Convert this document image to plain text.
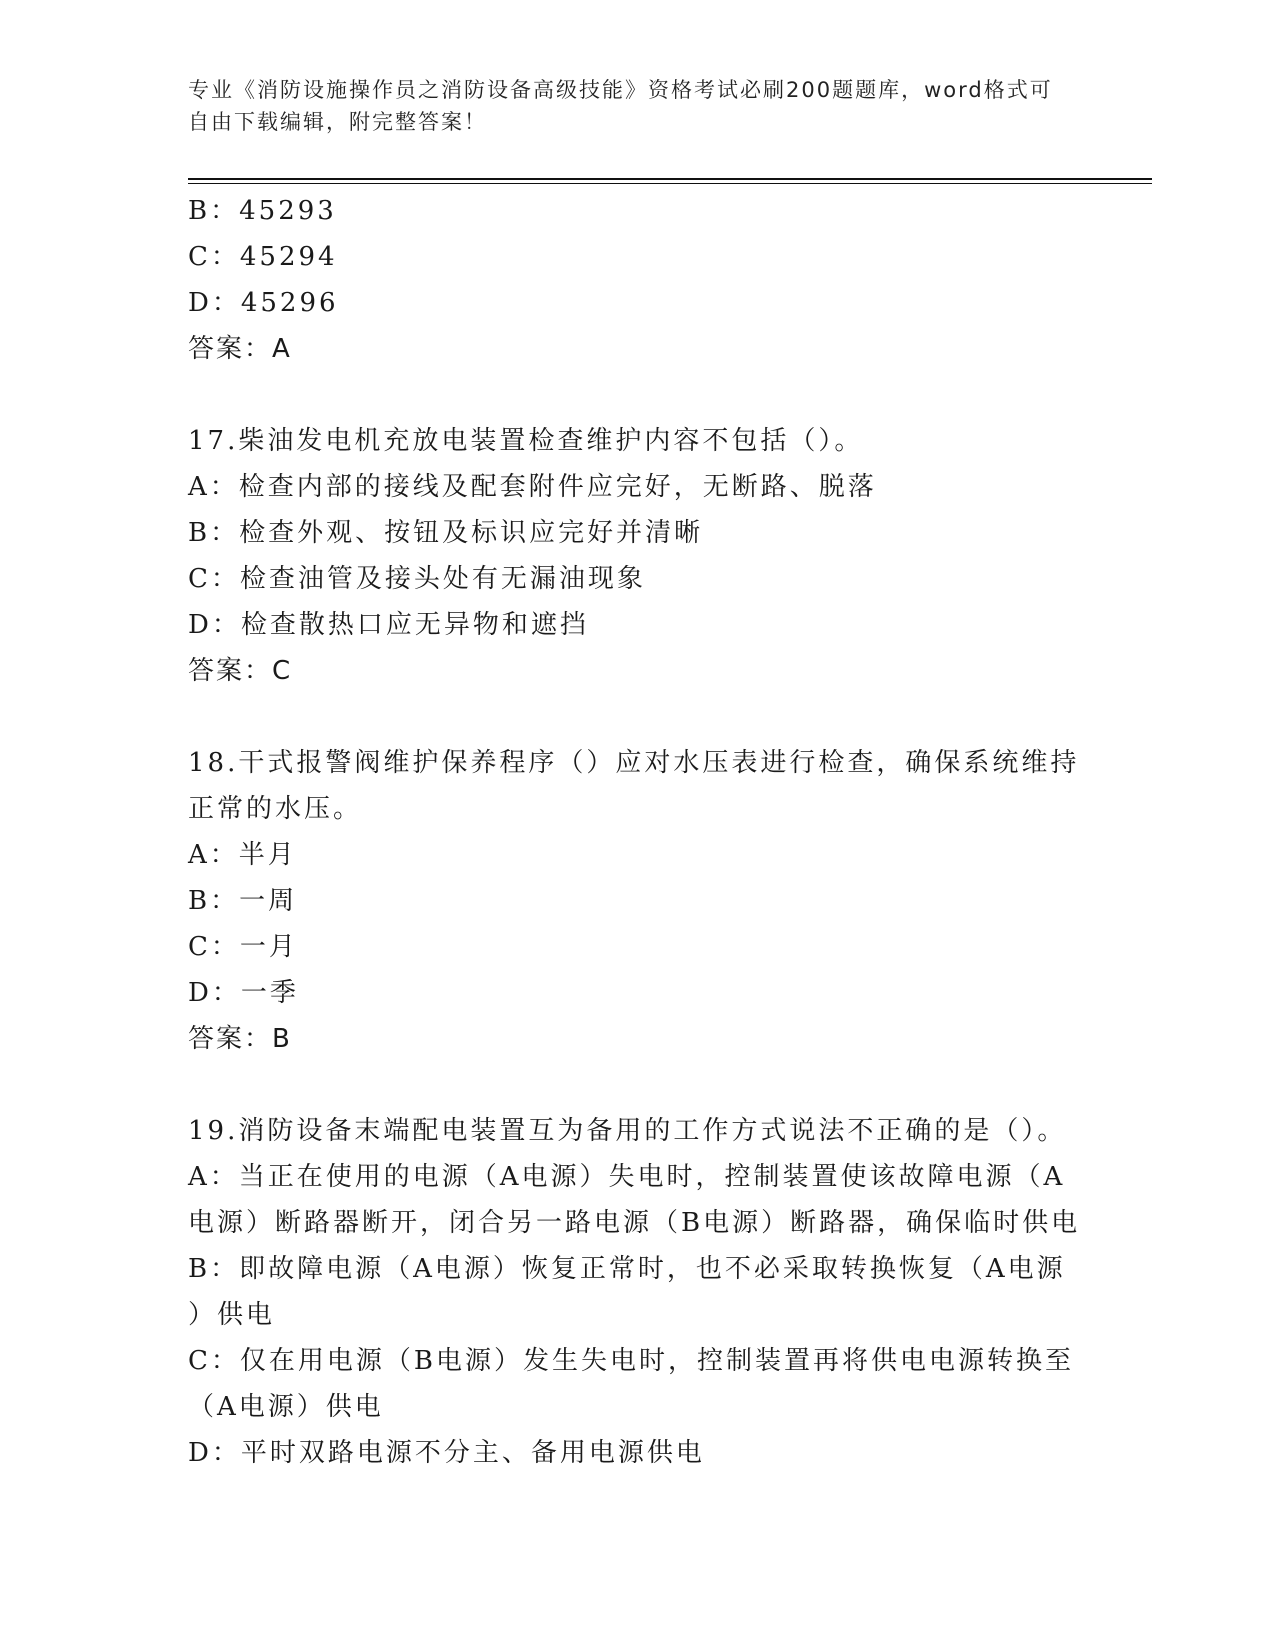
专业《消防设施操作员之消防设备高级技能》资格考试必刷200题题库，word格式可自由下载编辑，附完整答案！
B：45293
C：45294
D：45296
答案：A
17.柴油发电机充放电装置检查维护内容不包括（）。
A：检查内部的接线及配套附件应完好，无断路、脱落
B：检查外观、按钮及标识应完好并清晰
C：检查油管及接头处有无漏油现象
D：检查散热口应无异物和遮挡
答案：C
18.干式报警阀维护保养程序（）应对水压表进行检查，确保系统维持
正常的水压。
A：半月
B：一周
C：一月
D：一季
答案：B
19.消防设备末端配电装置互为备用的工作方式说法不正确的是（）。
A：当正在使用的电源（A电源）失电时，控制装置使该故障电源（A
电源）断路器断开，闭合另一路电源（B电源）断路器，确保临时供电
B：即故障电源（A电源）恢复正常时，也不必采取转换恢复（A电源
）供电
C：仅在用电源（B电源）发生失电时，控制装置再将供电电源转换至
（A电源）供电
D：平时双路电源不分主、备用电源供电
